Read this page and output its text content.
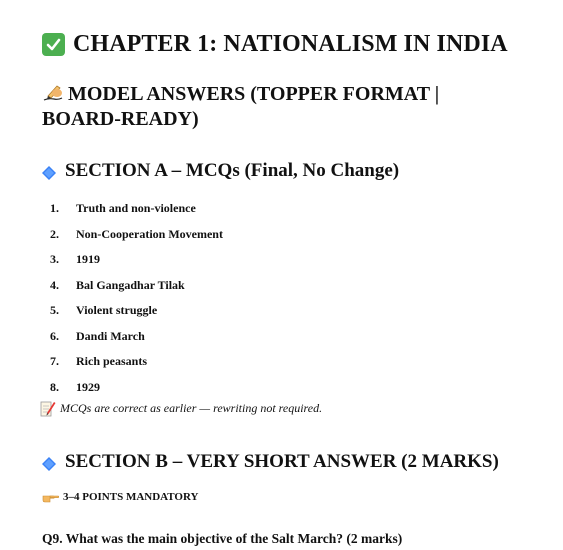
CHAPTER 1: NATIONALISM IN INDIA
MODEL ANSWERS (TOPPER FORMAT | BOARD-READY)
SECTION A – MCQs (Final, No Change)
1.	Truth and non-violence
2.	Non-Cooperation Movement
3.	1919
4.	Bal Gangadhar Tilak
5.	Violent struggle
6.	Dandi March
7.	Rich peasants
8.	1929
MCQs are correct as earlier — rewriting not required.
SECTION B – VERY SHORT ANSWER (2 MARKS)
3–4 POINTS MANDATORY
Q9. What was the main objective of the Salt March? (2 marks)
